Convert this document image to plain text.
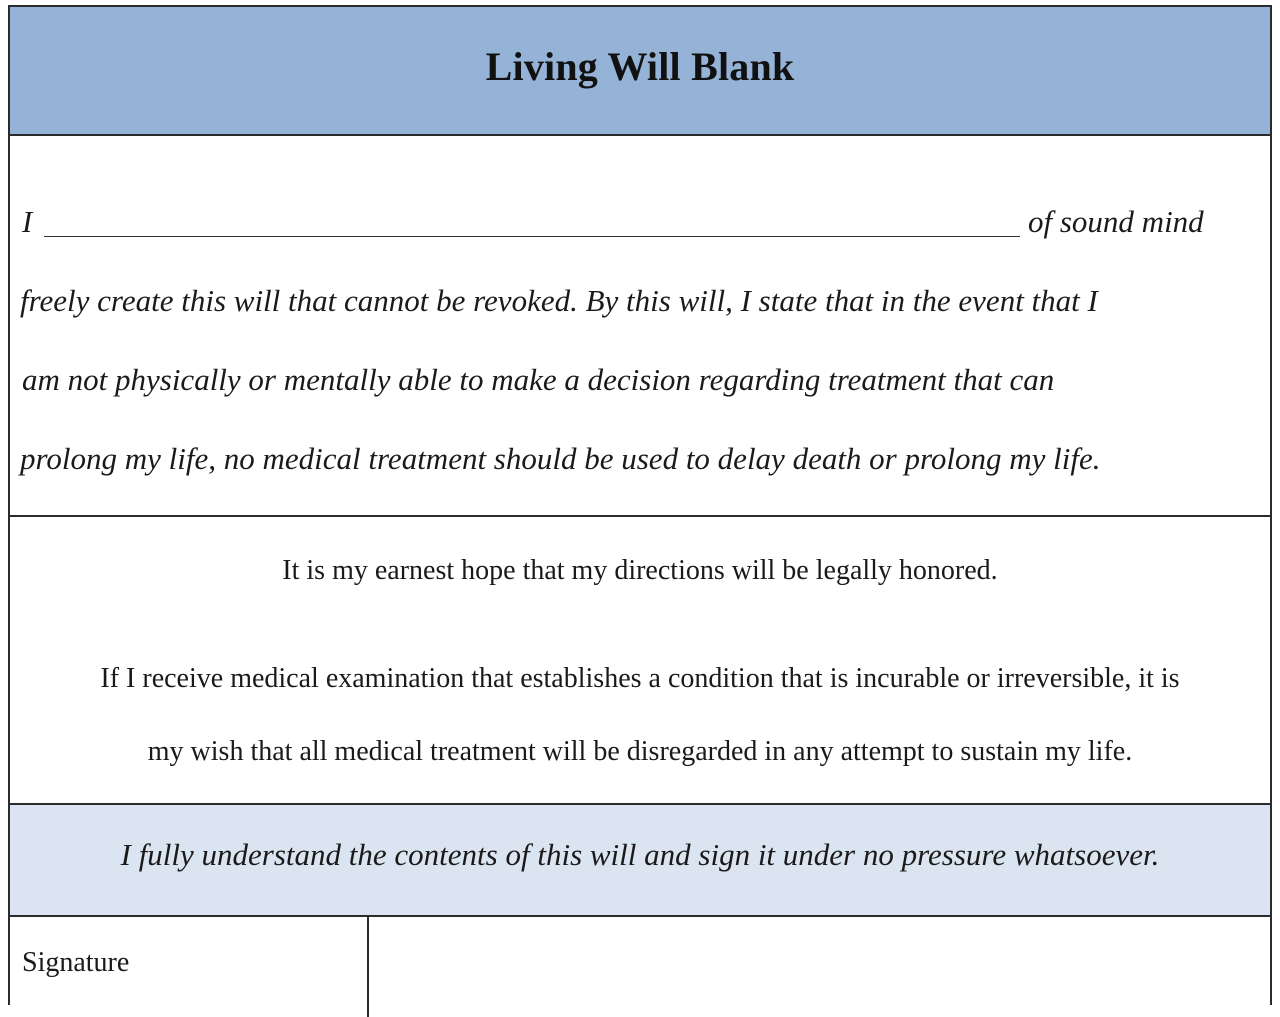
Living Will Blank
I	of sound mind
freely create this will that cannot be revoked. By this will, I state that in the event that I
am not physically or mentally able to make a decision regarding treatment that can
prolong my life, no medical treatment should be used to delay death or prolong my life.
It is my earnest hope that my directions will be legally honored.
If I receive medical examination that establishes a condition that is incurable or irreversible, it is
my wish that all medical treatment will be disregarded in any attempt to sustain my life.
I fully understand the contents of this will and sign it under no pressure whatsoever.
Signature
